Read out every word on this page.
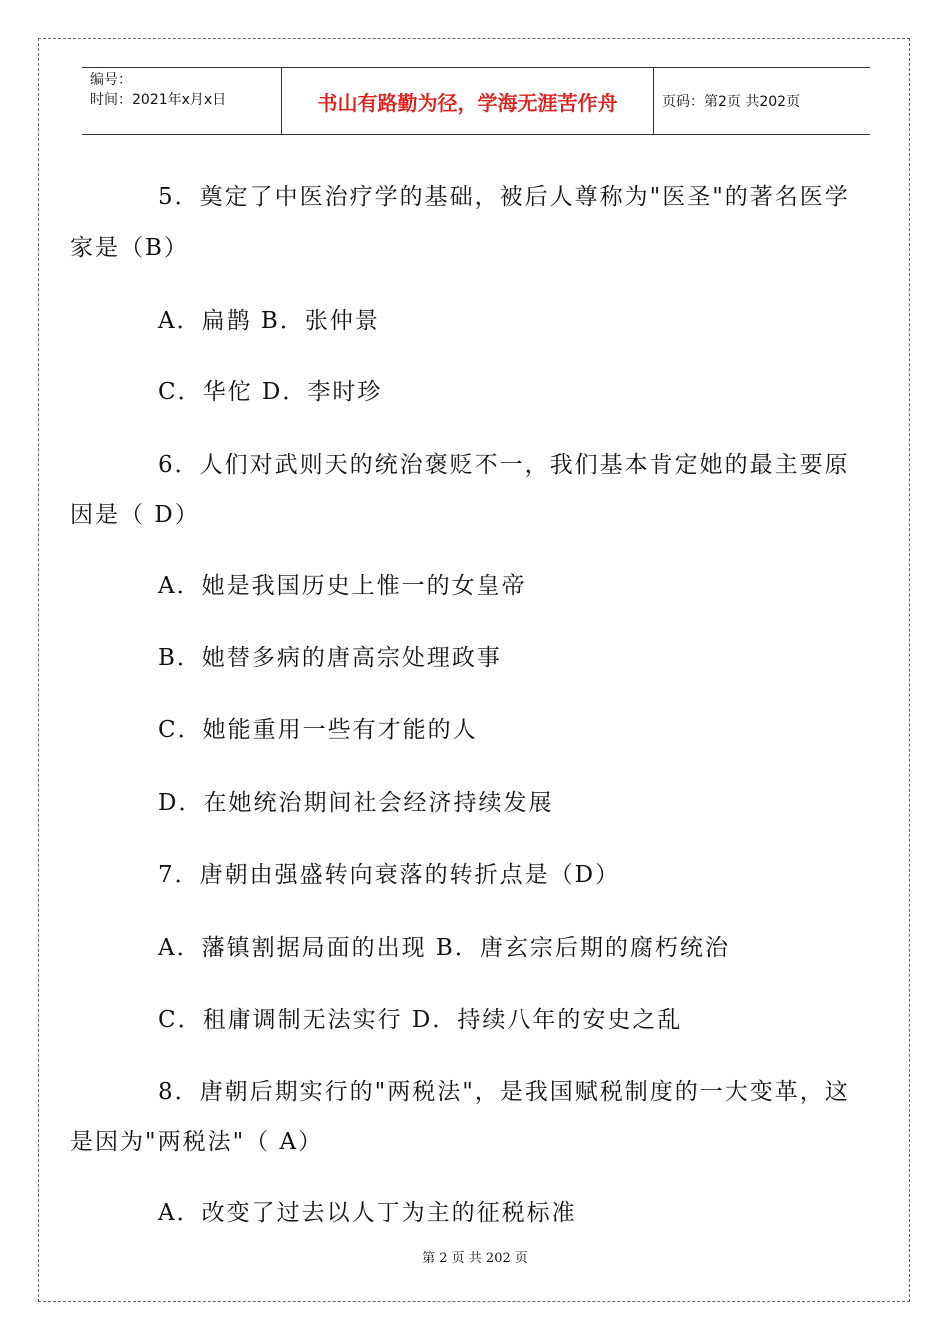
编号：
时间：2021年x月x日	书山有路勤为径，学海无涯苦作舟	页码：第2页 共202页
5．奠定了中医治疗学的基础，被后人尊称为"医圣"的著名医学
家是（B）
A．扁鹊 B．张仲景
C．华佗 D．李时珍
6．人们对武则天的统治褒贬不一，我们基本肯定她的最主要原
因是（ D）
A．她是我国历史上惟一的女皇帝
B．她替多病的唐高宗处理政事
C．她能重用一些有才能的人
D．在她统治期间社会经济持续发展
7．唐朝由强盛转向衰落的转折点是（D）
A．藩镇割据局面的出现 B．唐玄宗后期的腐朽统治
C．租庸调制无法实行 D．持续八年的安史之乱
8．唐朝后期实行的"两税法"，是我国赋税制度的一大变革，这
是因为"两税法"（ A）
A．改变了过去以人丁为主的征税标准
第 2 页 共 202 页
